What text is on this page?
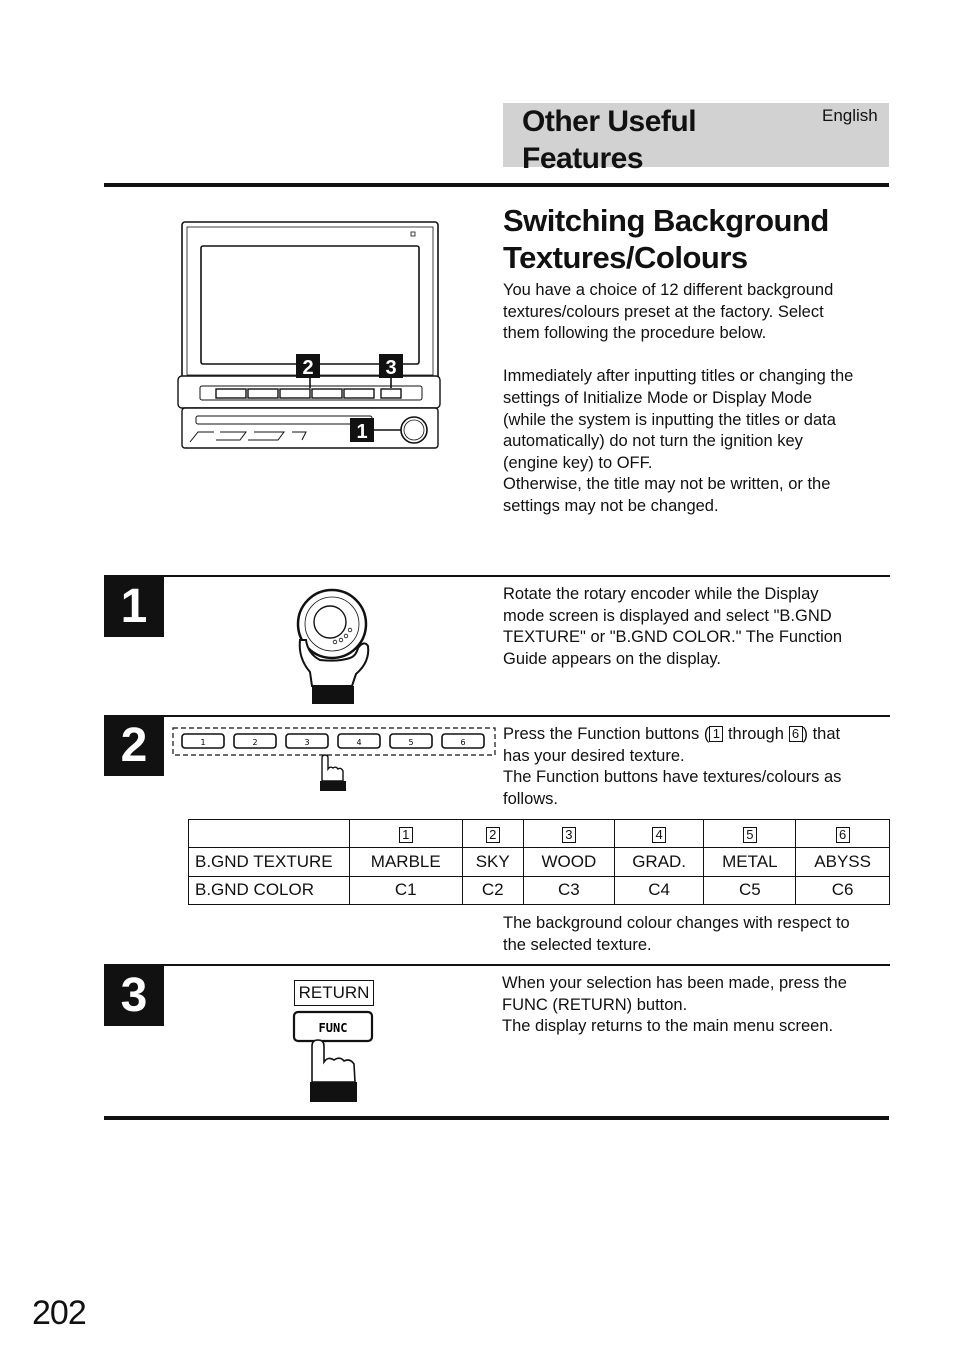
Other Useful
Features
English
2	3
1
Switching Background
Textures/Colours

You have a choice of 12 different background
textures/colours preset at the factory. Select
them following the procedure below.

Immediately after inputting titles or changing the
settings of Initialize Mode or Display Mode
(while the system is inputting the titles or data
automatically) do not turn the ignition key
(engine key) to OFF.
Otherwise, the title may not be written, or the
settings may not be changed.

1	Rotate the rotary encoder while the Display
mode screen is displayed and select "B.GND
TEXTURE" or "B.GND COLOR." The Function
Guide appears on the display.
2	1	2	3	4	5	6 Press the Function buttons ( 1 through 6 ) that
has your desired texture.
The Function buttons have textures/colours as
follows.
	1	2	3	4	5	6
B.GND TEXTURE	MARBLE	SKY	WOOD	GRAD.	METAL	ABYSS
B.GND COLOR	C1	C2	C3	C4	C5	C6
The background colour changes with respect to
the selected texture.
3	RETURN
FUNC
When your selection has been made, press the
FUNC (RETURN) button.
The display returns to the main menu screen.
202
